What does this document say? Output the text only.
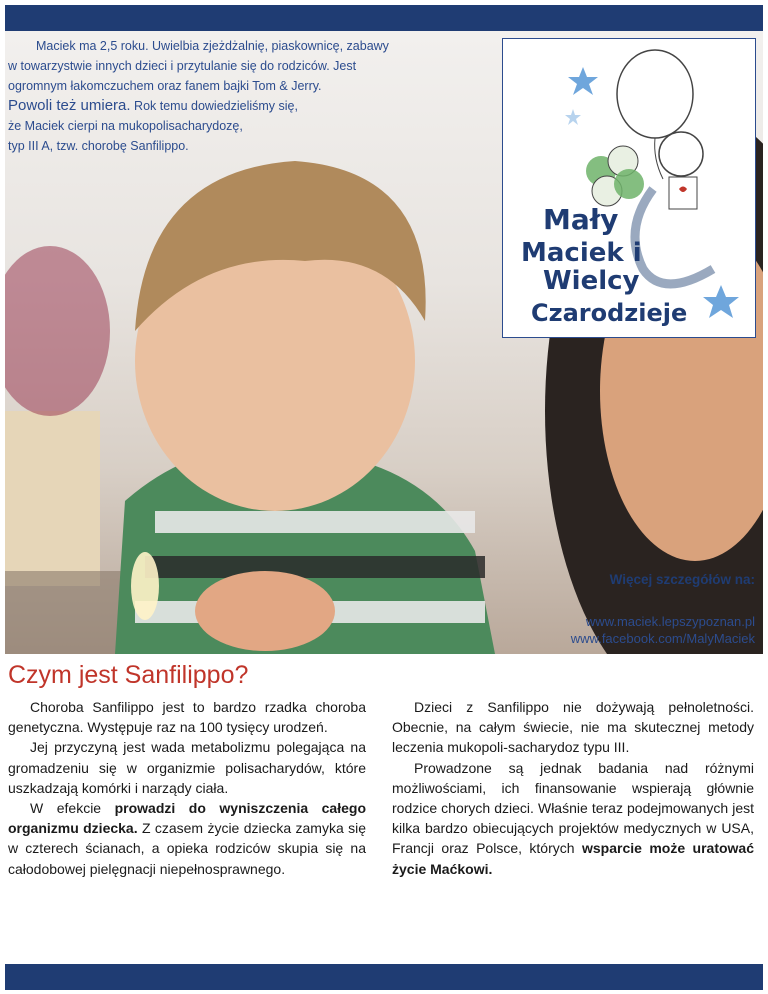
Maciek ma 2,5 roku. Uwielbia zjeżdżalnię, piaskownicę, zabawy
w towarzystwie innych dzieci i przytulanie się do rodziców. Jest
ogromnym łakomczuchem oraz fanem bajki Tom & Jerry.
Powoli też umiera. Rok temu dowiedzieliśmy się,
że Maciek cierpi na mukopolisacharydozę,
typ III A, tzw. chorobę Sanfilippo.
Mały
Maciek i
Wielcy
Czarodzieje
Więcej szczegółów na:
www.maciek.lepszypoznan.pl
www.facebook.com/MalyMaciek
Czym jest Sanfilippo?

Choroba Sanfilippo jest to bardzo rzadka choroba genetyczna. Występuje raz na 100 tysięcy urodzeń.

Jej przyczyną jest wada metabolizmu polegająca na gromadzeniu się w organizmie polisacharydów, które uszkadzają komórki i narządy ciała.

W efekcie prowadzi do wyniszczenia całego organizmu dziecka. Z czasem życie dziecka zamyka się w czterech ścianach, a opieka rodziców skupia się na całodobowej pielęgnacji niepełnosprawnego.

Dzieci z Sanfilippo nie dożywają pełnoletności. Obecnie, na całym świecie, nie ma skutecznej metody leczenia mukopoli-sacharydoz typu III.

Prowadzone są jednak badania nad różnymi możliwościami, ich finansowanie wspierają głównie rodzice chorych dzieci. Właśnie teraz podejmowanych jest kilka bardzo obiecujących projektów medycznych w USA, Francji oraz Polsce, których wsparcie może uratować życie Maćkowi.
